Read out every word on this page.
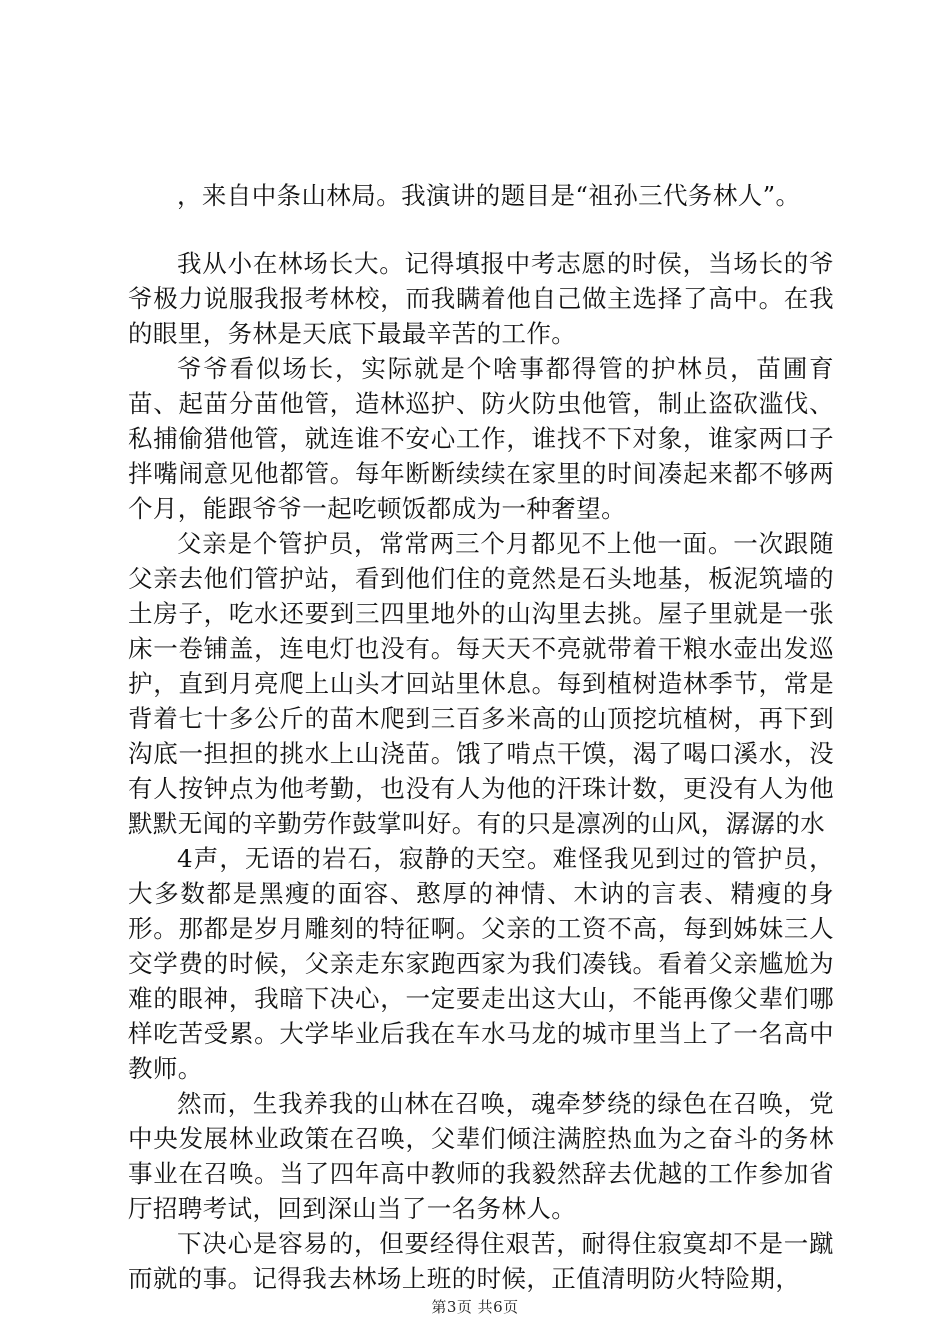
，来自中条山林局。我演讲的题目是“祖孙三代务林人”。

我从小在林场长大。记得填报中考志愿的时侯，当场长的爷爷极力说服我报考林校，而我瞒着他自己做主选择了高中。在我的眼里，务林是天底下最最辛苦的工作。

爷爷看似场长，实际就是个啥事都得管的护林员，苗圃育苗、起苗分苗他管，造林巡护、防火防虫他管，制止盗砍滥伐、私捕偷猎他管，就连谁不安心工作，谁找不下对象，谁家两口子拌嘴闹意见他都管。每年断断续续在家里的时间凑起来都不够两个月，能跟爷爷一起吃顿饭都成为一种奢望。

父亲是个管护员，常常两三个月都见不上他一面。一次跟随父亲去他们管护站，看到他们住的竟然是石头地基，板泥筑墙的土房子，吃水还要到三四里地外的山沟里去挑。屋子里就是一张床一卷铺盖，连电灯也没有。每天天不亮就带着干粮水壶出发巡护，直到月亮爬上山头才回站里休息。每到植树造林季节，常是背着七十多公斤的苗木爬到三百多米高的山顶挖坑植树，再下到沟底一担担的挑水上山浇苗。饿了啃点干馍，渴了喝口溪水，没有人按钟点为他考勤，也没有人为他的汗珠计数，更没有人为他默默无闻的辛勤劳作鼓掌叫好。有的只是凛冽的山风，潺潺的水

4声，无语的岩石，寂静的天空。难怪我见到过的管护员，大多数都是黑瘦的面容、憨厚的神情、木讷的言表、精瘦的身形。那都是岁月雕刻的特征啊。父亲的工资不高，每到姊妹三人交学费的时候，父亲走东家跑西家为我们凑钱。看着父亲尴尬为难的眼神，我暗下决心，一定要走出这大山，不能再像父辈们哪样吃苦受累。大学毕业后我在车水马龙的城市里当上了一名高中教师。

然而，生我养我的山林在召唤，魂牵梦绕的绿色在召唤，党中央发展林业政策在召唤，父辈们倾注满腔热血为之奋斗的务林事业在召唤。当了四年高中教师的我毅然辞去优越的工作参加省厅招聘考试，回到深山当了一名务林人。

下决心是容易的，但要经得住艰苦，耐得住寂寞却不是一蹴而就的事。记得我去林场上班的时候，正值清明防火特险期，

第3页 共6页
